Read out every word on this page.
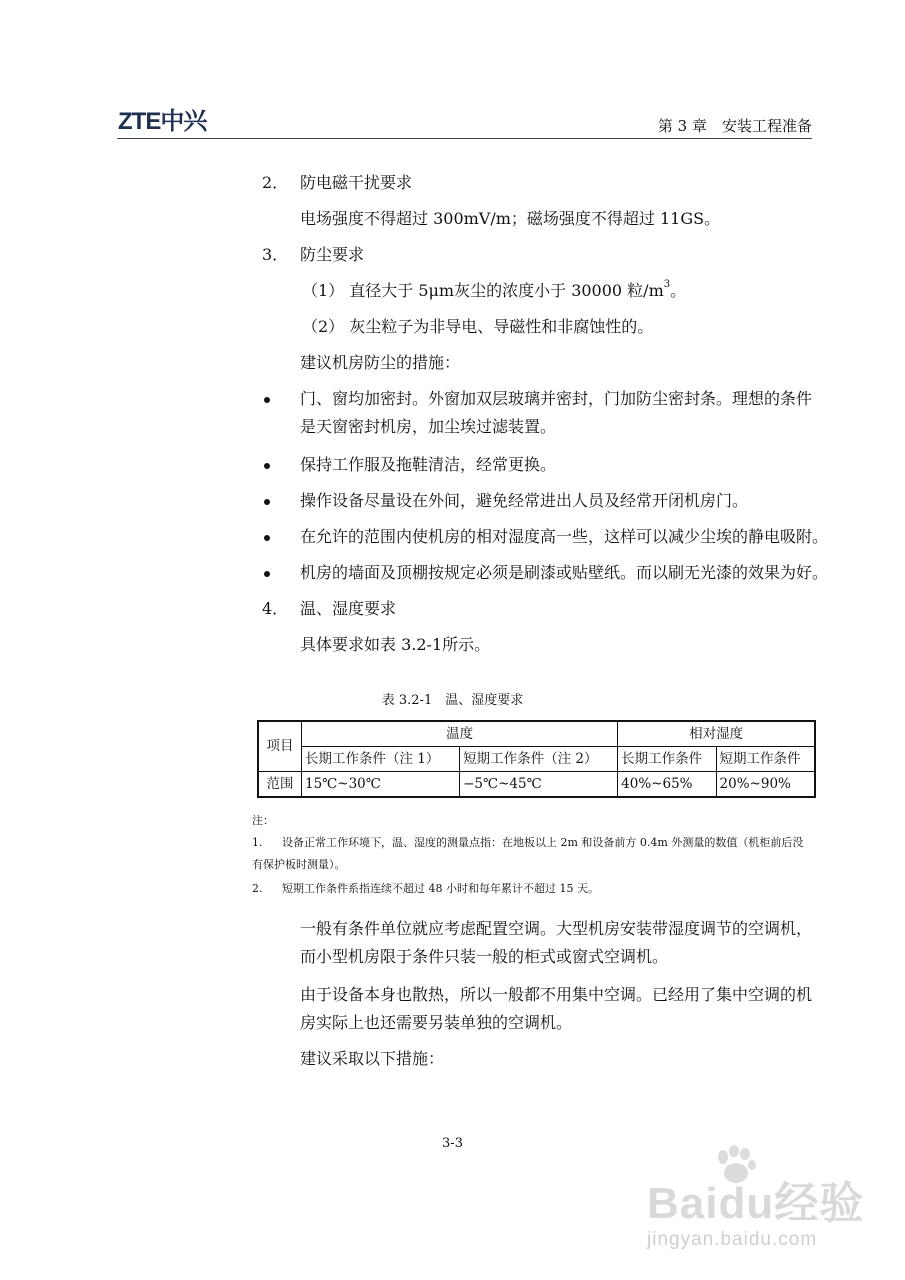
ZTE中兴	第 3 章　安装工程准备
2． 防电磁干扰要求
电场强度不得超过 300mV/m；磁场强度不得超过 11GS。
3． 防尘要求
（1） 直径大于 5μm灰尘的浓度小于 30000 粒$/m^3$。
（2） 灰尘粒子为非导电、导磁性和非腐蚀性的。
建议机房防尘的措施：
门、窗均加密封。外窗加双层玻璃并密封，门加防尘密封条。理想的条件
是天窗密封机房，加尘埃过滤装置。
保持工作服及拖鞋清洁，经常更换。
操作设备尽量设在外间，避免经常进出人员及经常开闭机房门。
在允许的范围内使机房的相对湿度高一些，这样可以减少尘埃的静电吸附。
机房的墙面及顶棚按规定必须是刷漆或贴壁纸。而以刷无光漆的效果为好。
4． 温、湿度要求
具体要求如表 3.2-1所示。
表 3.2-1　温、湿度要求
项目	温度		相对湿度	
	长期工作条件（注 1）	短期工作条件（注 2）	长期工作条件	短期工作条件
范围	15℃~30℃	−5℃~45℃	40%~65%	20%~90%
注：
1. 设备正常工作环境下，温、湿度的测量点指：在地板以上 2m 和设备前方 0.4m 外测量的数值（机柜前后没
有保护板时测量）。
2. 短期工作条件系指连续不超过 48 小时和每年累计不超过 15 天。
一般有条件单位就应考虑配置空调。大型机房安装带湿度调节的空调机，
而小型机房限于条件只装一般的柜式或窗式空调机。
由于设备本身也散热，所以一般都不用集中空调。已经用了集中空调的机
房实际上也还需要另装单独的空调机。
建议采取以下措施：
3-3
Baidu经验
jingyan.baidu.com
